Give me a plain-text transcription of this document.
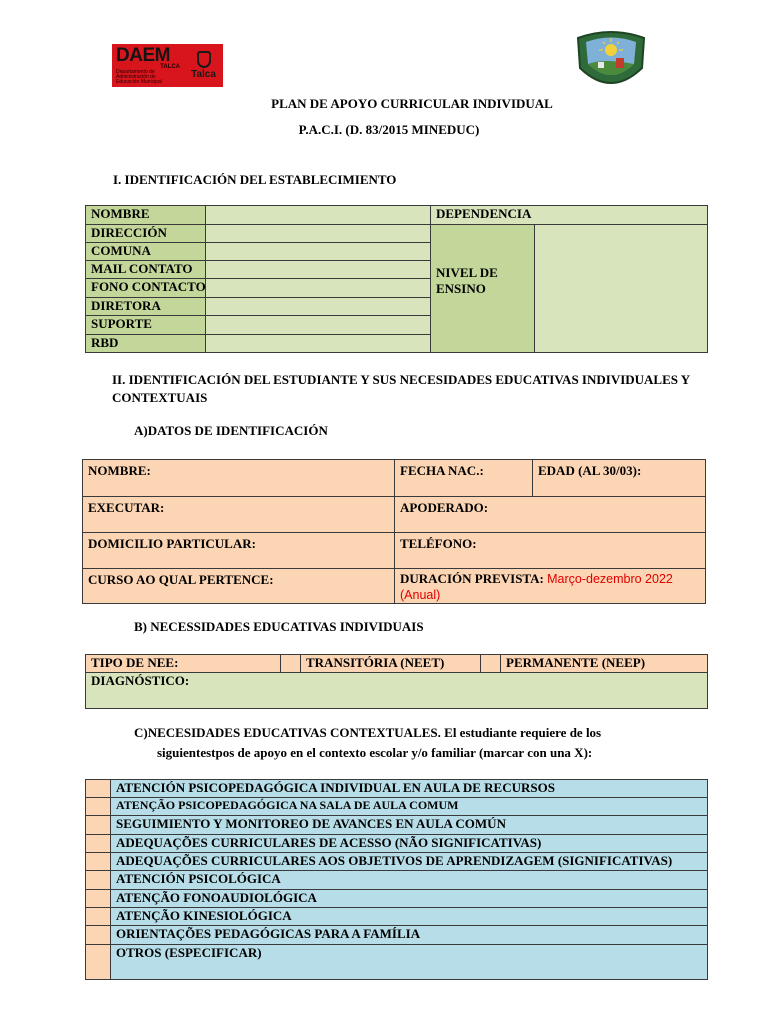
DAEM
TALCA
Departamento de Administración de Educación Municipal
Talca
PLAN DE APOYO CURRICULAR INDIVIDUAL
P.A.C.I. (D. 83/2015 MINEDUC)
I. IDENTIFICACIÓN DEL ESTABLECIMIENTO
NOMBRE		DEPENDENCIA	
DIRECCIÓN		NIVEL DE
ENSINO	

COMUNA			
MAIL CONTATO			
FONO CONTACTO			
DIRETORA			
SUPORTE			
RBD			
II. IDENTIFICACIÓN DEL ESTUDIANTE Y SUS NECESIDADES EDUCATIVAS INDIVIDUALES Y
CONTEXTUAIS
A)DATOS DE IDENTIFICACIÓN
NOMBRE:	FECHA NAC.:	EDAD (AL 30/03):
EXECUTAR:	APODERADO:	
DOMICILIO PARTICULAR:	TELÉFONO:	
CURSO AO QUAL PERTENCE:	DURACIÓN PREVISTA: Março-dezembro 2022
(Anual)	
B) NECESSIDADES EDUCATIVAS INDIVIDUAIS
TIPO DE NEE:		TRANSITÓRIA (NEET)		PERMANENTE (NEEP)
DIAGNÓSTICO:
C)NECESIDADES EDUCATIVAS CONTEXTUALES. El estudiante requiere de los
siguientestpos de apoyo en el contexto escolar y/o familiar (marcar con una X):
	ATENCIÓN PSICOPEDAGÓGICA INDIVIDUAL EN AULA DE RECURSOS
	ATENÇÃO PSICOPEDAGÓGICA NA SALA DE AULA COMUM
	SEGUIMIENTO Y MONITOREO DE AVANCES EN AULA COMÚN
	ADEQUAÇÕES CURRICULARES DE ACESSO (NÃO SIGNIFICATIVAS)
	ADEQUAÇÕES CURRICULARES AOS OBJETIVOS DE APRENDIZAGEM (SIGNIFICATIVAS)
	ATENCIÓN PSICOLÓGICA
	ATENÇÃO FONOAUDIOLÓGICA
	ATENÇÃO KINESIOLÓGICA
	ORIENTAÇÕES PEDAGÓGICAS PARA A FAMÍLIA
	OTROS (ESPECIFICAR)
